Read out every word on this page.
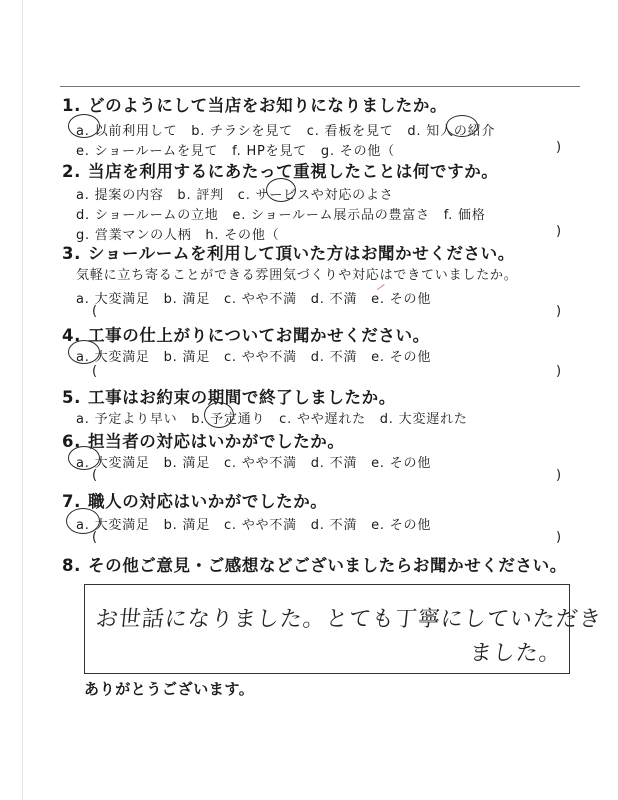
1. どのようにして当店をお知りになりましたか。
a. 以前利用して　b. チラシを見て　c. 看板を見て　d. 知人の紹介
e. ショールームを見て　f. HPを見て　g. その他（	)
2. 当店を利用するにあたって重視したことは何ですか。
a. 提案の内容　b. 評判　c. サービスや対応のよさ
d. ショールームの立地　e. ショールーム展示品の豊富さ　f. 価格
g. 営業マンの人柄　h. その他（	)
3. ショールームを利用して頂いた方はお聞かせください。
気軽に立ち寄ることができる雰囲気づくりや対応はできていましたか。
a. 大変満足　b. 満足　c. やや不満　d. 不満　e. その他
(	)
4. 工事の仕上がりについてお聞かせください。
a. 大変満足　b. 満足　c. やや不満　d. 不満　e. その他
(	)
5. 工事はお約束の期間で終了しましたか。
a. 予定より早い　b. 予定通り　c. やや遅れた　d. 大変遅れた
6. 担当者の対応はいかがでしたか。
a. 大変満足　b. 満足　c. やや不満　d. 不満　e. その他
(	)
7. 職人の対応はいかがでしたか。
a. 大変満足　b. 満足　c. やや不満　d. 不満　e. その他
(	)
8. その他ご意見・ご感想などございましたらお聞かせください。
お世話になりました。とても丁寧にしていただき
ました。
ありがとうございます。
